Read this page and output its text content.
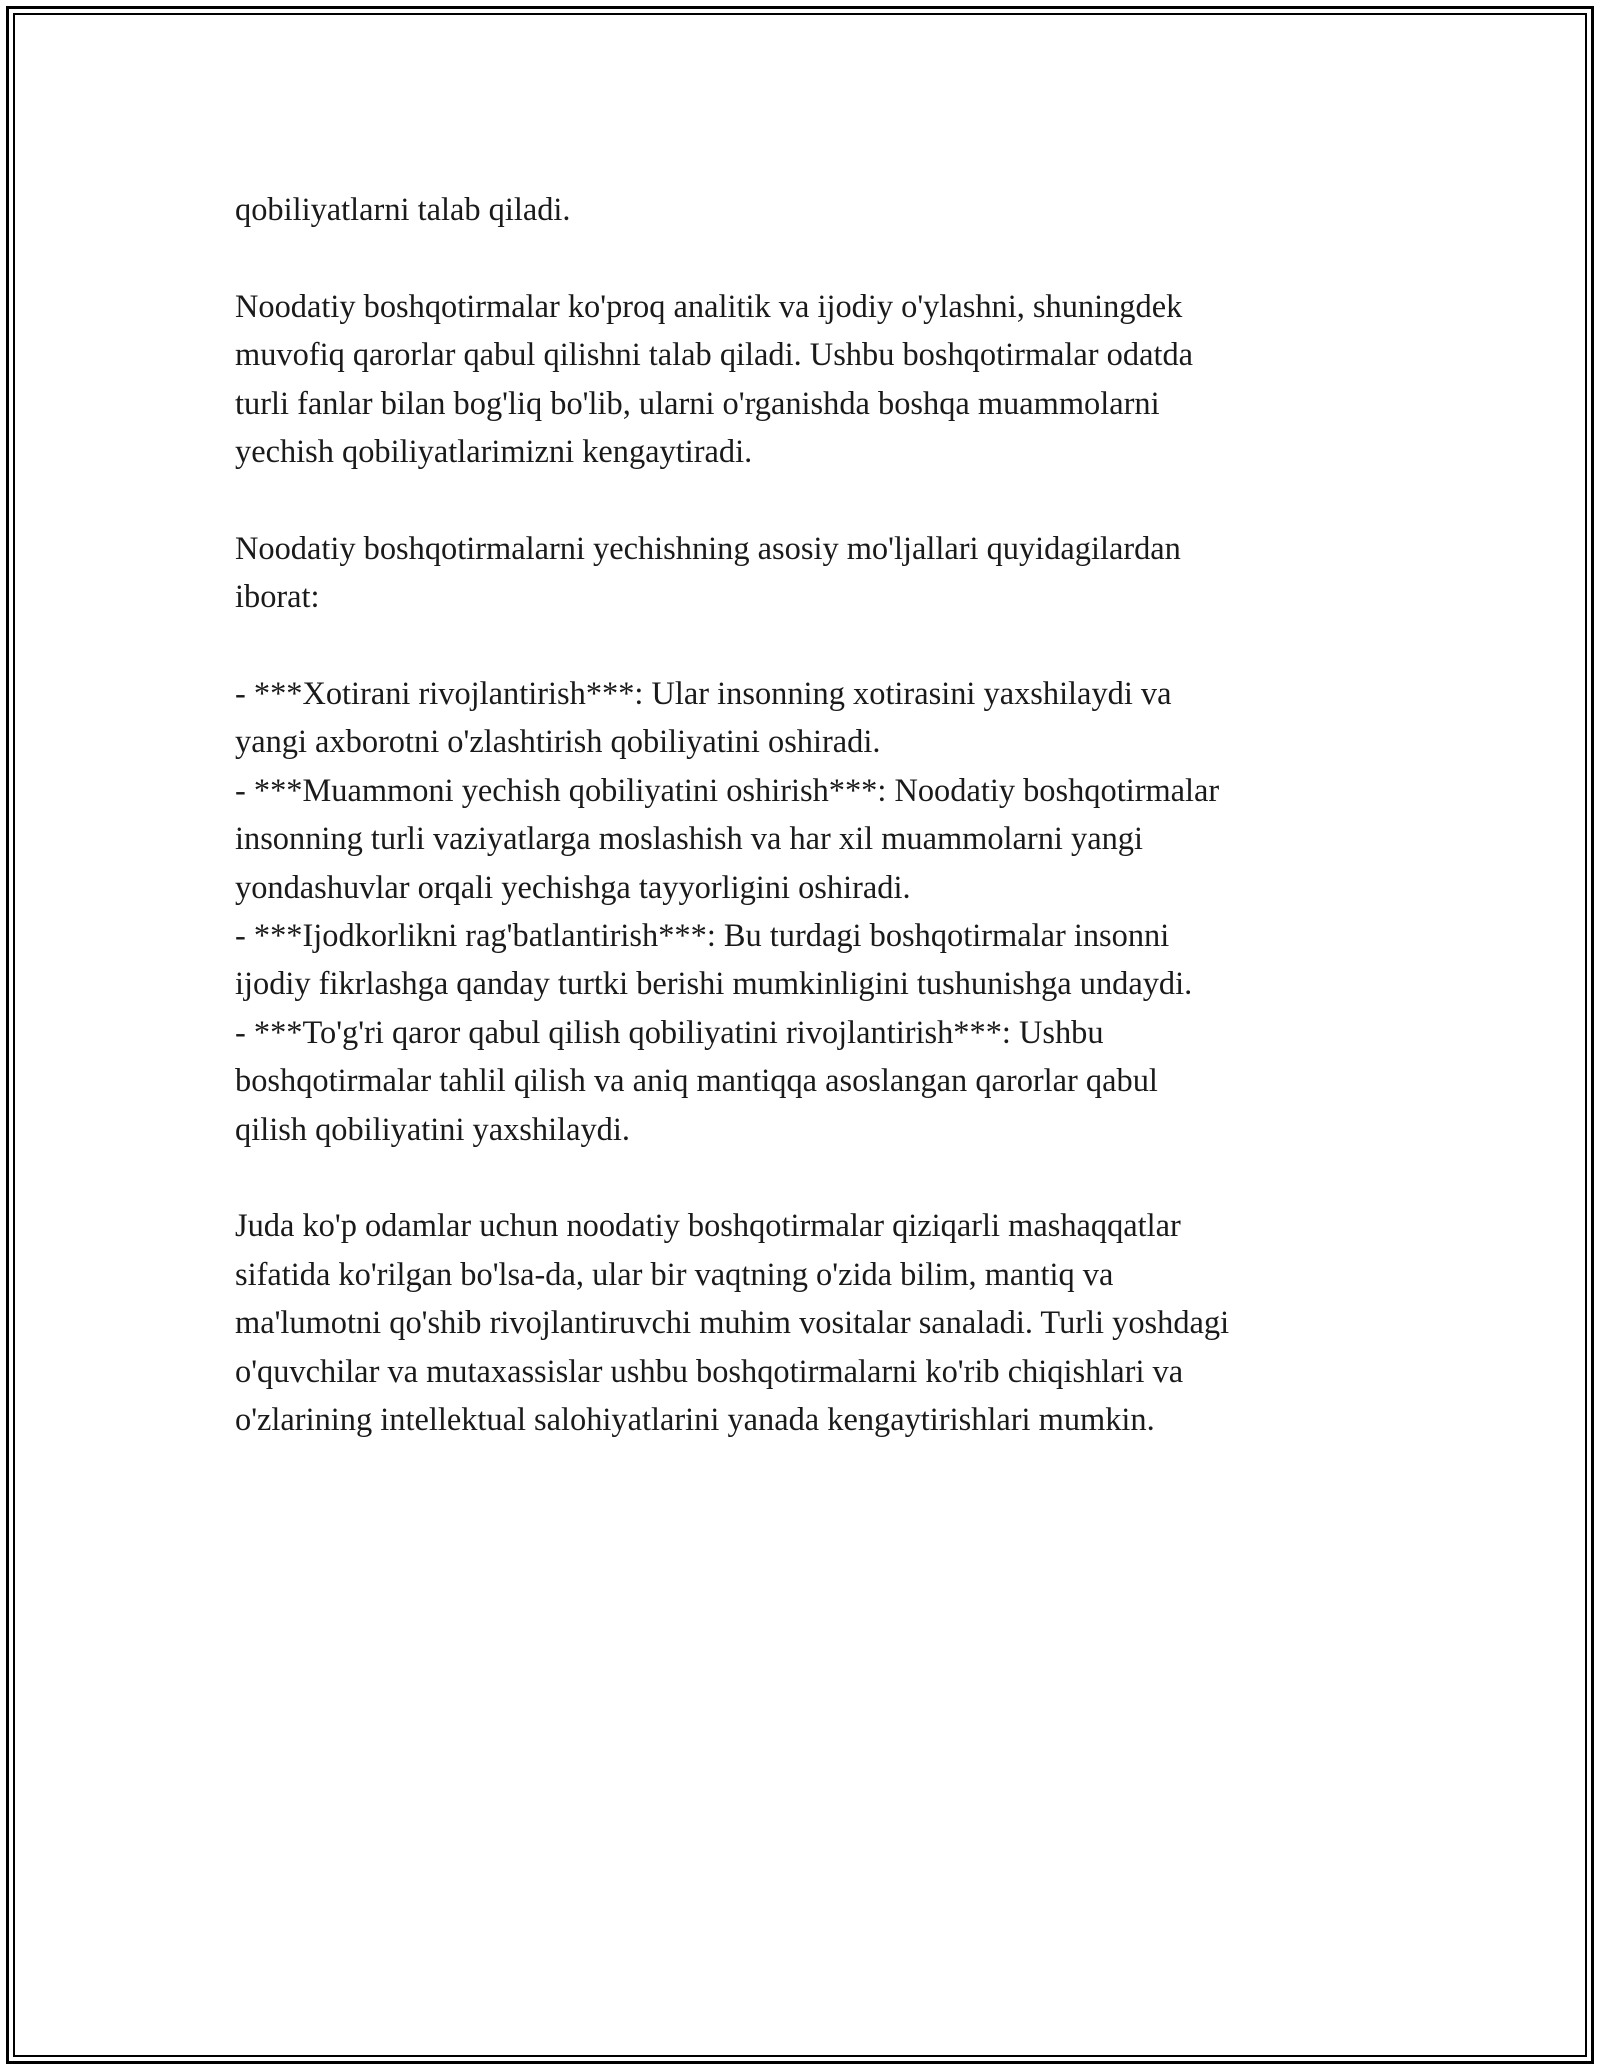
qobiliyatlarni talab qiladi.

Noodatiy boshqotirmalar ko'proq analitik va ijodiy o'ylashni, shuningdek
muvofiq qarorlar qabul qilishni talab qiladi. Ushbu boshqotirmalar odatda
turli fanlar bilan bog'liq bo'lib, ularni o'rganishda boshqa muammolarni
yechish qobiliyatlarimizni kengaytiradi.

Noodatiy boshqotirmalarni yechishning asosiy mo'ljallari quyidagilardan
iborat:

- ***Xotirani rivojlantirish***: Ular insonning xotirasini yaxshilaydi va
yangi axborotni o'zlashtirish qobiliyatini oshiradi.
- ***Muammoni yechish qobiliyatini oshirish***: Noodatiy boshqotirmalar
insonning turli vaziyatlarga moslashish va har xil muammolarni yangi
yondashuvlar orqali yechishga tayyorligini oshiradi.
- ***Ijodkorlikni rag'batlantirish***: Bu turdagi boshqotirmalar insonni
ijodiy fikrlashga qanday turtki berishi mumkinligini tushunishga undaydi.
- ***To'g'ri qaror qabul qilish qobiliyatini rivojlantirish***: Ushbu
boshqotirmalar tahlil qilish va aniq mantiqqa asoslangan qarorlar qabul
qilish qobiliyatini yaxshilaydi.

Juda ko'p odamlar uchun noodatiy boshqotirmalar qiziqarli mashaqqatlar
sifatida ko'rilgan bo'lsa-da, ular bir vaqtning o'zida bilim, mantiq va
ma'lumotni qo'shib rivojlantiruvchi muhim vositalar sanaladi. Turli yoshdagi
o'quvchilar va mutaxassislar ushbu boshqotirmalarni ko'rib chiqishlari va
o'zlarining intellektual salohiyatlarini yanada kengaytirishlari mumkin.
